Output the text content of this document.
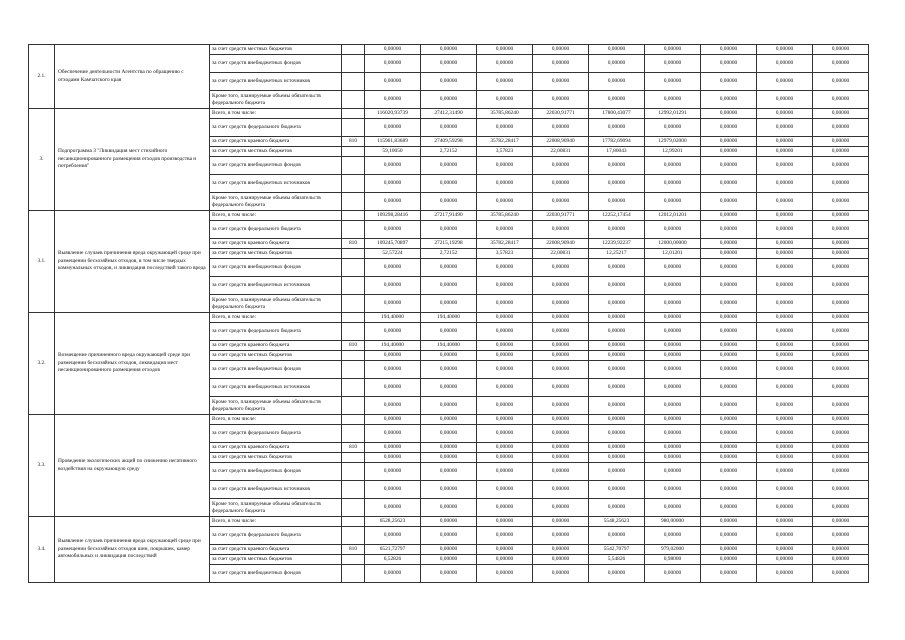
2.1.	Обеспечение деятельности Агентства по обращению с отходами Камчатского края	за счет средств местных бюджетов		0,00000	0,00000	0,00000	0,00000	0,00000	0,00000	0,00000	0,00000	0,00000
		за счет средств внебюджетных фондов		0,00000	0,00000	0,00000	0,00000	0,00000	0,00000	0,00000	0,00000	0,00000
		за счет средств внебюджетных источников		0,00000	0,00000	0,00000	0,00000	0,00000	0,00000	0,00000	0,00000	0,00000
		Кроме того, планируемые объемы обязательств федерального бюджета		0,00000	0,00000	0,00000	0,00000	0,00000	0,00000	0,00000	0,00000	0,00000
3.	Подпрограмма 3 "Ликвидация мест стихийного несанкционированного размещения отходов производства и потребления"	Всего, в том числе:		116020,93739	27412,31490	35785,86240	22030,91771	17800,43077	12992,01291	0,00000	0,00000	0,00000
		за счет средств федерального бюджета		0,00000	0,00000	0,00000	0,00000	0,00000	0,00000	0,00000	0,00000	0,00000
		за счет средств краевого бюджета	810	115961,83689	27409,59298	35782,28417	22008,90940	17782,69094	12979,02000	0,00000	0,00000	0,00000
		за счет средств местных бюджетов		59,10050	2,72152	3,57823	22,00831	17,80043	12,99201	0,00000	0,00000	0,00000
		за счет средств внебюджетных фондов		0,00000	0,00000	0,00000	0,00000	0,00000	0,00000	0,00000	0,00000	0,00000
		за счет средств внебюджетных источников		0,00000	0,00000	0,00000	0,00000	0,00000	0,00000	0,00000	0,00000	0,00000
		Кроме того, планируемые объемы обязательств федерального бюджета		0,00000	0,00000	0,00000	0,00000	0,00000	0,00000	0,00000	0,00000	0,00000
3.1.	Выявление случаев причинения вреда окружающей среде при размещении бесхозяйных отходов, в том числе твердых коммунальных отходов, и ликвидация последствий такого вреда	Всего, в том числе:		109298,28416	27217,91490	35785,86240	22030,91771	12252,17454	12012,01201	0,00000	0,00000	0,00000
		за счет средств федерального бюджета		0,00000	0,00000	0,00000	0,00000	0,00000	0,00000	0,00000	0,00000	0,00000
		за счет средств краевого бюджета	810	109245,70897	27215,19298	35782,28417	22008,90940	12239,92237	12000,00000	0,00000	0,00000	0,00000
		за счет средств местных бюджетов		52,57224	2,72152	3,57823	22,00831	12,25217	12,01201	0,00000	0,00000	0,00000
		за счет средств внебюджетных фондов		0,00000	0,00000	0,00000	0,00000	0,00000	0,00000	0,00000	0,00000	0,00000
		за счет средств внебюджетных источников		0,00000	0,00000	0,00000	0,00000	0,00000	0,00000	0,00000	0,00000	0,00000
		Кроме того, планируемые объемы обязательств федерального бюджета		0,00000	0,00000	0,00000	0,00000	0,00000	0,00000	0,00000	0,00000	0,00000
3.2.	Возмещение причиненного вреда окружающей среде при размещении бесхозяйных отходов, ликвидация мест несанкционированного размещения отходов	Всего, в том числе:		194,40000	194,40000	0,00000	0,00000	0,00000	0,00000	0,00000	0,00000	0,00000
		за счет средств федерального бюджета		0,00000	0,00000	0,00000	0,00000	0,00000	0,00000	0,00000	0,00000	0,00000
		за счет средств краевого бюджета	810	194,40000	194,40000	0,00000	0,00000	0,00000	0,00000	0,00000	0,00000	0,00000
		за счет средств местных бюджетов		0,00000	0,00000	0,00000	0,00000	0,00000	0,00000	0,00000	0,00000	0,00000
		за счет средств внебюджетных фондов		0,00000	0,00000	0,00000	0,00000	0,00000	0,00000	0,00000	0,00000	0,00000
		за счет средств внебюджетных источников		0,00000	0,00000	0,00000	0,00000	0,00000	0,00000	0,00000	0,00000	0,00000
		Кроме того, планируемые объемы обязательств федерального бюджета		0,00000	0,00000	0,00000	0,00000	0,00000	0,00000	0,00000	0,00000	0,00000
3.3.	Проведение экологических акций по снижению негативного воздействия на окружающую среду	Всего, в том числе:		0,00000	0,00000	0,00000	0,00000	0,00000	0,00000	0,00000	0,00000	0,00000
		за счет средств федерального бюджета		0,00000	0,00000	0,00000	0,00000	0,00000	0,00000	0,00000	0,00000	0,00000
		за счет средств краевого бюджета	810	0,00000	0,00000	0,00000	0,00000	0,00000	0,00000	0,00000	0,00000	0,00000
		за счет средств местных бюджетов		0,00000	0,00000	0,00000	0,00000	0,00000	0,00000	0,00000	0,00000	0,00000
		за счет средств внебюджетных фондов		0,00000	0,00000	0,00000	0,00000	0,00000	0,00000	0,00000	0,00000	0,00000
		за счет средств внебюджетных источников		0,00000	0,00000	0,00000	0,00000	0,00000	0,00000	0,00000	0,00000	0,00000
		Кроме того, планируемые объемы обязательств федерального бюджета		0,00000	0,00000	0,00000	0,00000	0,00000	0,00000	0,00000	0,00000	0,00000
3.4.	Выявление случаев причинения вреда окружающей среде при размещении бесхозяйных отходов шин, покрышек, камер автомобильных и ликвидация последствий	Всего, в том числе:		6528,25623	0,00000	0,00000	0,00000	5548,25623	980,00000	0,00000	0,00000	0,00000
		за счет средств федерального бюджета		0,00000	0,00000	0,00000	0,00000	0,00000	0,00000	0,00000	0,00000	0,00000
		за счет средств краевого бюджета	810	6521,72797	0,00000	0,00000	0,00000	5542,70797	979,02000	0,00000	0,00000	0,00000
		за счет средств местных бюджетов		6,52826	0,00000	0,00000	0,00000	5,54826	0,98000	0,00000	0,00000	0,00000
		за счет средств внебюджетных фондов		0,00000	0,00000	0,00000	0,00000	0,00000	0,00000	0,00000	0,00000	0,00000
